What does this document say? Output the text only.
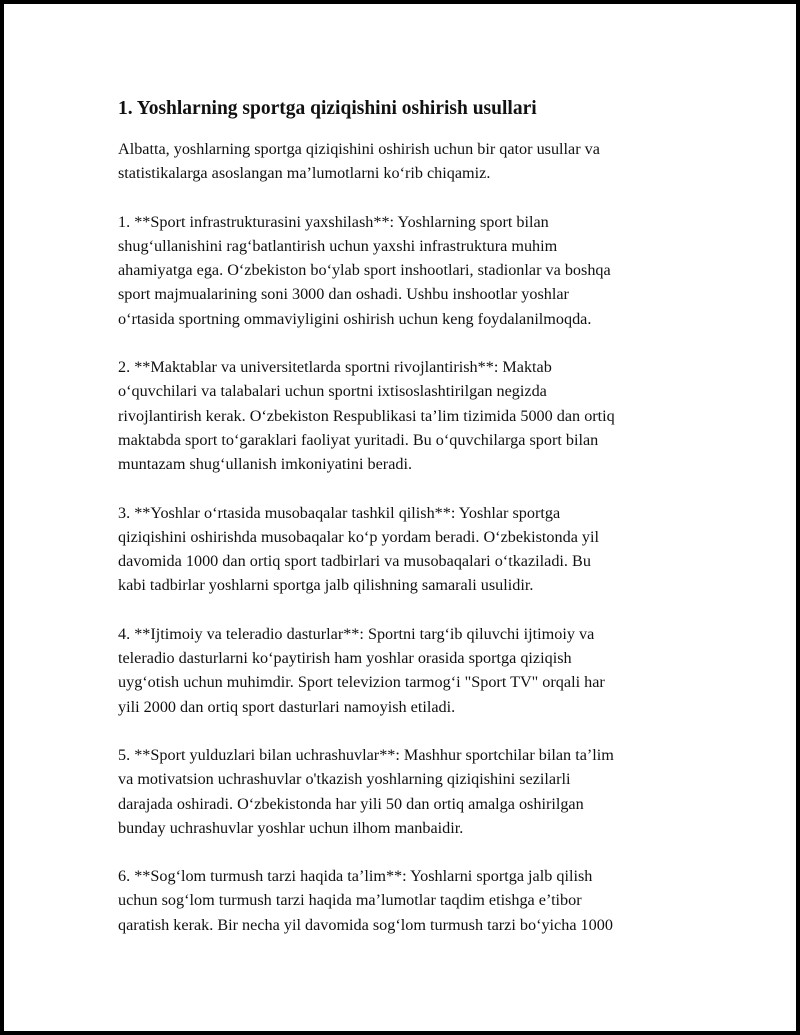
1. Yoshlarning sportga qiziqishini oshirish usullari

Albatta, yoshlarning sportga qiziqishini oshirish uchun bir qator usullar va
statistikalarga asoslangan ma’lumotlarni ko‘rib chiqamiz.

1. **Sport infrastrukturasini yaxshilash**: Yoshlarning sport bilan
shug‘ullanishini rag‘batlantirish uchun yaxshi infrastruktura muhim
ahamiyatga ega. O‘zbekiston bo‘ylab sport inshootlari, stadionlar va boshqa
sport majmualarining soni 3000 dan oshadi. Ushbu inshootlar yoshlar
o‘rtasida sportning ommaviyligini oshirish uchun keng foydalanilmoqda.

2. **Maktablar va universitetlarda sportni rivojlantirish**: Maktab
o‘quvchilari va talabalari uchun sportni ixtisoslashtirilgan negizda
rivojlantirish kerak. O‘zbekiston Respublikasi ta’lim tizimida 5000 dan ortiq
maktabda sport to‘garaklari faoliyat yuritadi. Bu o‘quvchilarga sport bilan
muntazam shug‘ullanish imkoniyatini beradi.

3. **Yoshlar o‘rtasida musobaqalar tashkil qilish**: Yoshlar sportga
qiziqishini oshirishda musobaqalar ko‘p yordam beradi. O‘zbekistonda yil
davomida 1000 dan ortiq sport tadbirlari va musobaqalari o‘tkaziladi. Bu
kabi tadbirlar yoshlarni sportga jalb qilishning samarali usulidir.

4. **Ijtimoiy va teleradio dasturlar**: Sportni targ‘ib qiluvchi ijtimoiy va
teleradio dasturlarni ko‘paytirish ham yoshlar orasida sportga qiziqish
uyg‘otish uchun muhimdir. Sport televizion tarmog‘i "Sport TV" orqali har
yili 2000 dan ortiq sport dasturlari namoyish etiladi.

5. **Sport yulduzlari bilan uchrashuvlar**: Mashhur sportchilar bilan ta’lim
va motivatsion uchrashuvlar o'tkazish yoshlarning qiziqishini sezilarli
darajada oshiradi. O‘zbekistonda har yili 50 dan ortiq amalga oshirilgan
bunday uchrashuvlar yoshlar uchun ilhom manbaidir.

6. **Sog‘lom turmush tarzi haqida ta’lim**: Yoshlarni sportga jalb qilish
uchun sog‘lom turmush tarzi haqida ma’lumotlar taqdim etishga e’tibor
qaratish kerak. Bir necha yil davomida sog‘lom turmush tarzi bo‘yicha 1000
